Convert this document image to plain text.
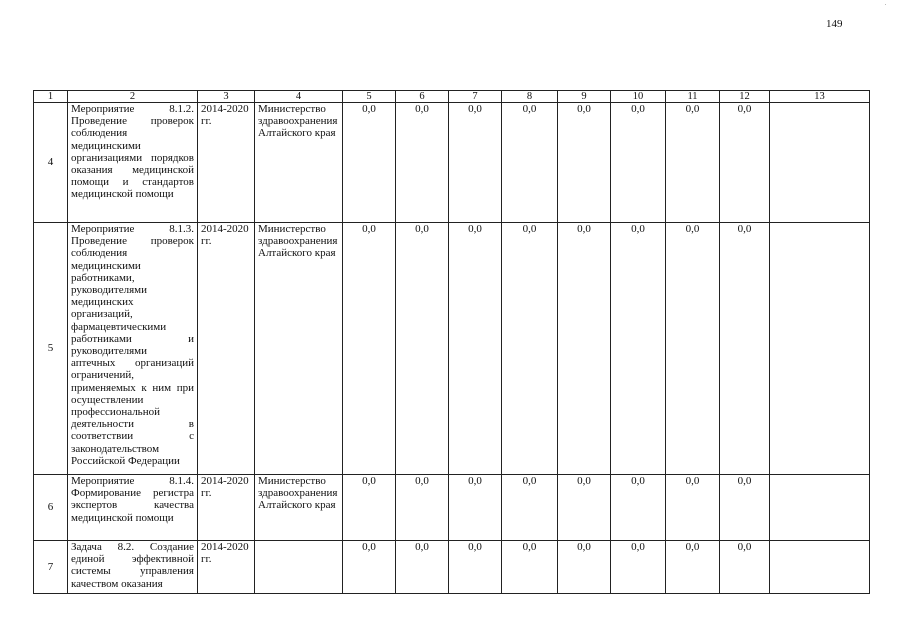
149
1	2	3	4	5	6	7	8	9	10	11	12	13
4	Мероприятие 8.1.2. Проведение проверок соблюдения медицинскими организациями порядков оказания медицинской помощи и стандартов медицинской помощи	2014-2020 гг.	Министерство здравоохранения Алтайского края	0,0	0,0	0,0	0,0	0,0	0,0	0,0	0,0	
5	Мероприятие 8.1.3. Проведение проверок соблюдения медицинскими работниками, руководителями медицинских организаций, фармацевтическими работниками и руководителями аптечных организаций ограничений, применяемых к ним при осуществлении профессиональной деятельности в соответствии с законодательством Российской Федерации	2014-2020 гг.	Министерство здравоохранения Алтайского края	0,0	0,0	0,0	0,0	0,0	0,0	0,0	0,0	
6	Мероприятие 8.1.4. Формирование регистра экспертов качества медицинской помощи	2014-2020 гг.	Министерство здравоохранения Алтайского края	0,0	0,0	0,0	0,0	0,0	0,0	0,0	0,0	
7	Задача 8.2. Создание единой эффективной системы управления качеством оказания	2014-2020 гг.		0,0	0,0	0,0	0,0	0,0	0,0	0,0	0,0	
